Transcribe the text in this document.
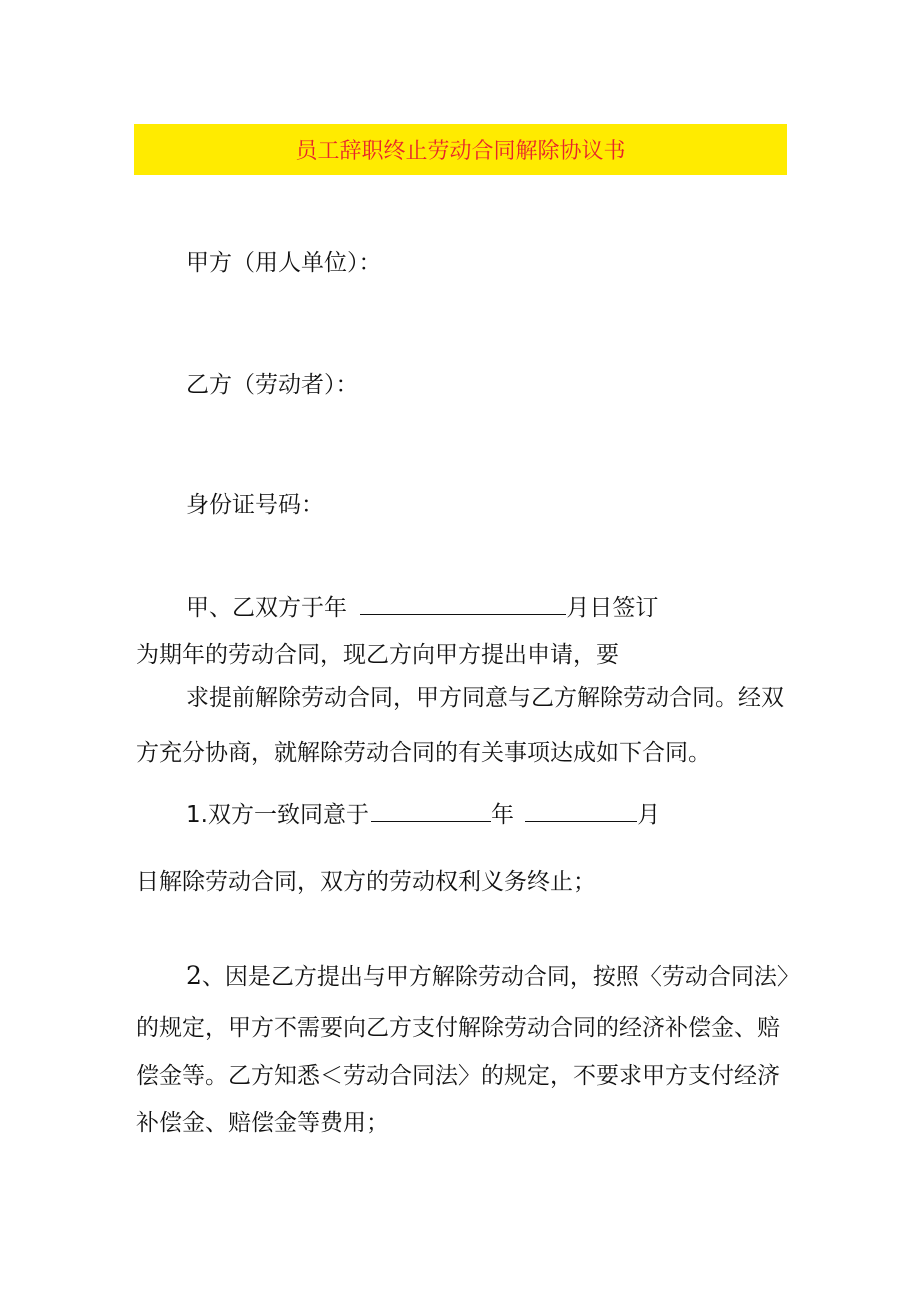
员工辞职终止劳动合同解除协议书
甲方（用人单位）：
乙方（劳动者）：
身份证号码：
甲、乙双方于年	月日签订
为期年的劳动合同，现乙方向甲方提出申请，要
求提前解除劳动合同，甲方同意与乙方解除劳动合同。经双
方充分协商，就解除劳动合同的有关事项达成如下合同。
1.双方一致同意于	年	月
日解除劳动合同，双方的劳动权利义务终止；
2、因是乙方提出与甲方解除劳动合同，按照〈劳动合同法〉
的规定，甲方不需要向乙方支付解除劳动合同的经济补偿金、赔
偿金等。乙方知悉＜劳动合同法〉的规定，不要求甲方支付经济
补偿金、赔偿金等费用；
